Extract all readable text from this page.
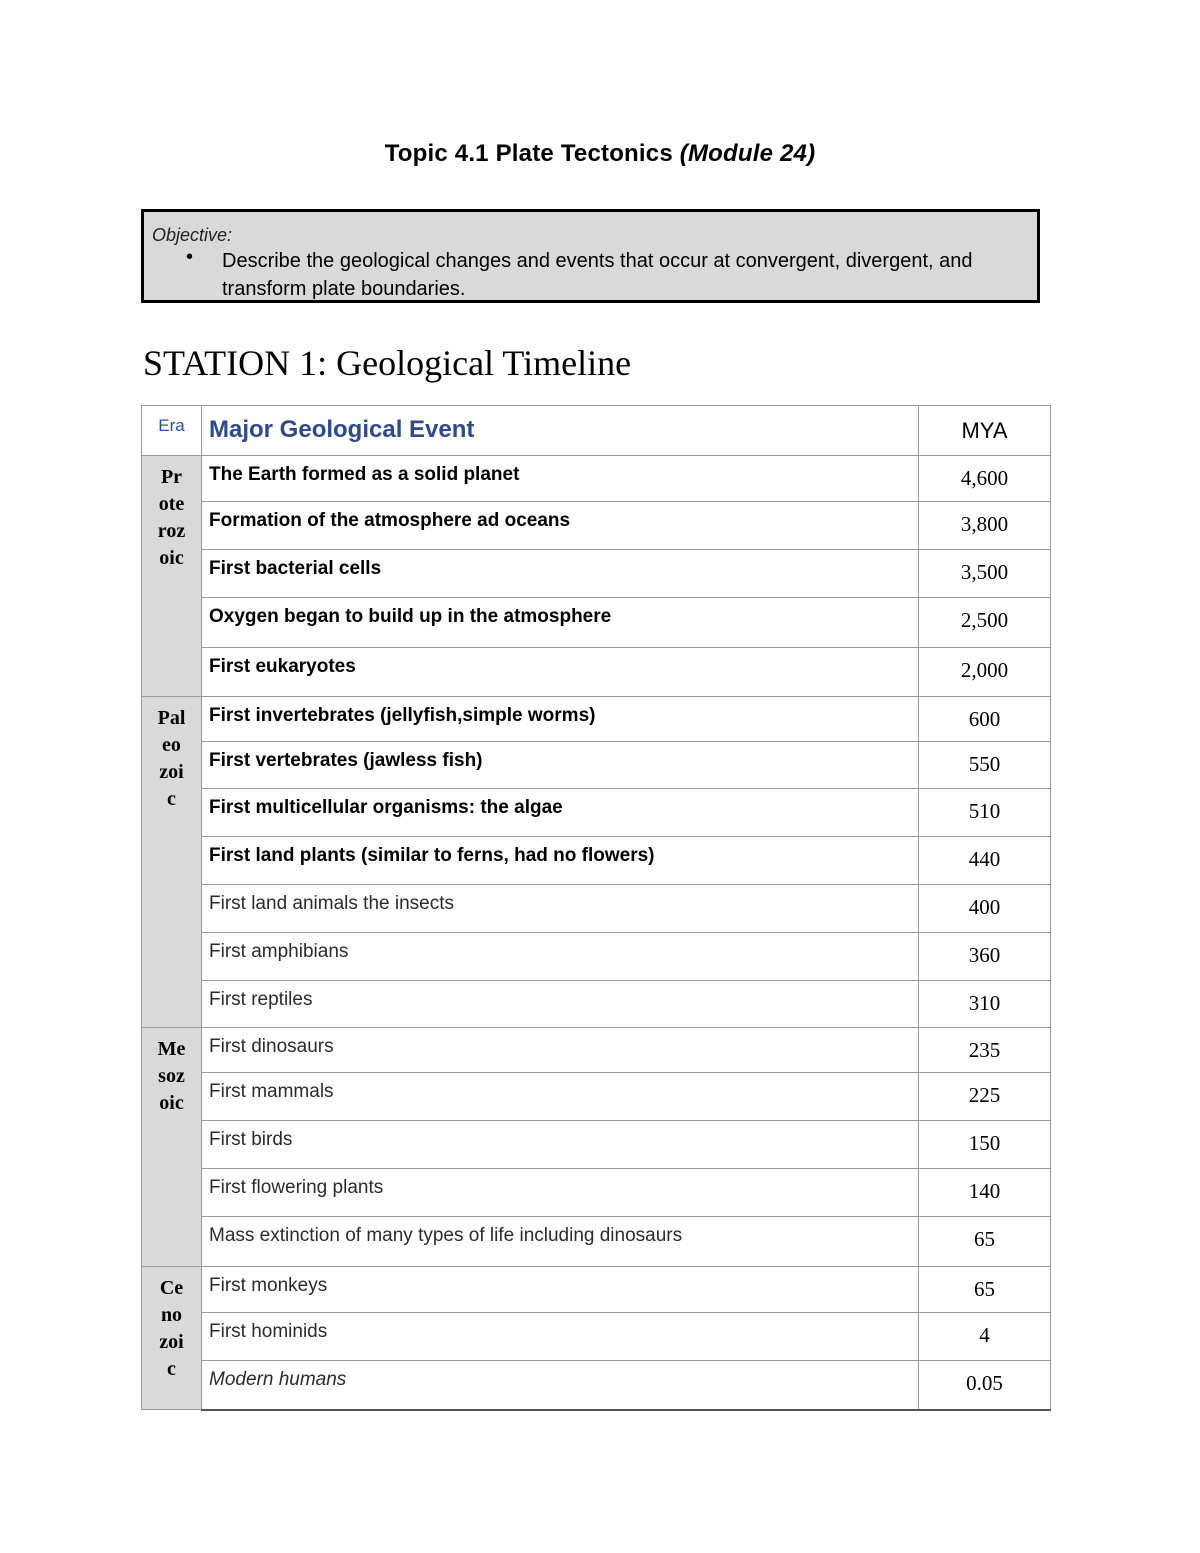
Topic 4.1 Plate Tectonics (Module 24)
Objective:
• Describe the geological changes and events that occur at convergent, divergent, and transform plate boundaries.
STATION 1: Geological Timeline
Era	Major Geological Event	MYA
Pr
ote
roz
oic	The Earth formed as a solid planet	4,600
	Formation of the atmosphere ad oceans	3,800
	First bacterial cells	3,500
	Oxygen began to build up in the atmosphere	2,500
	First eukaryotes	2,000
Pal
eo
zoi
c	First invertebrates (jellyfish,simple worms)	600
	First vertebrates (jawless fish)	550
	First multicellular organisms: the algae	510
	First land plants (similar to ferns, had no flowers)	440
	First land animals the insects	400
	First amphibians	360
	First reptiles	310
Me
soz
oic	First dinosaurs	235
	First mammals	225
	First birds	150
	First flowering plants	140
	Mass extinction of many types of life including dinosaurs	65
Ce
no
zoi
c	First monkeys	65
	First hominids	4
	Modern humans	0.05
